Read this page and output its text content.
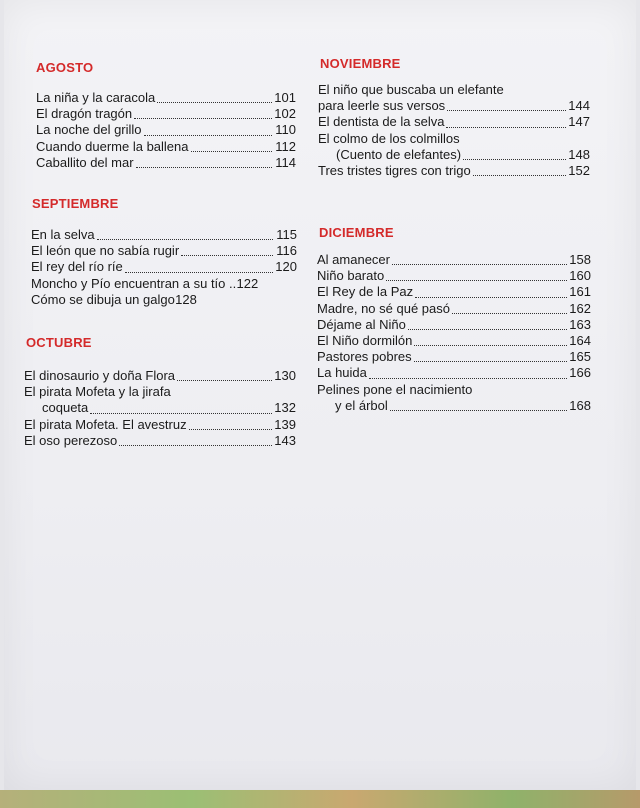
AGOSTO
La niña y la caracola	101
El dragón tragón	102
La noche del grillo	110
Cuando duerme la ballena	112
Caballito del mar	114
SEPTIEMBRE
En la selva	115
El león que no sabía rugir	116
El rey del río ríe	120
Moncho y Pío encuentran a su tío .. 122
Cómo se dibuja un galgo 128
OCTUBRE
El dinosaurio y doña Flora	130
El pirata Mofeta y la jirafa
coqueta	132
El pirata Mofeta. El avestruz	139
El oso perezoso	143
NOVIEMBRE
El niño que buscaba un elefante
para leerle sus versos	144
El dentista de la selva	147
El colmo de los colmillos
(Cuento de elefantes)	148
Tres tristes tigres con trigo	152
DICIEMBRE
Al amanecer	158
Niño barato	160
El Rey de la Paz	161
Madre, no sé qué pasó	162
Déjame al Niño	163
El Niño dormilón	164
Pastores pobres	165
La huida	166
Pelines pone el nacimiento
y el árbol	168
